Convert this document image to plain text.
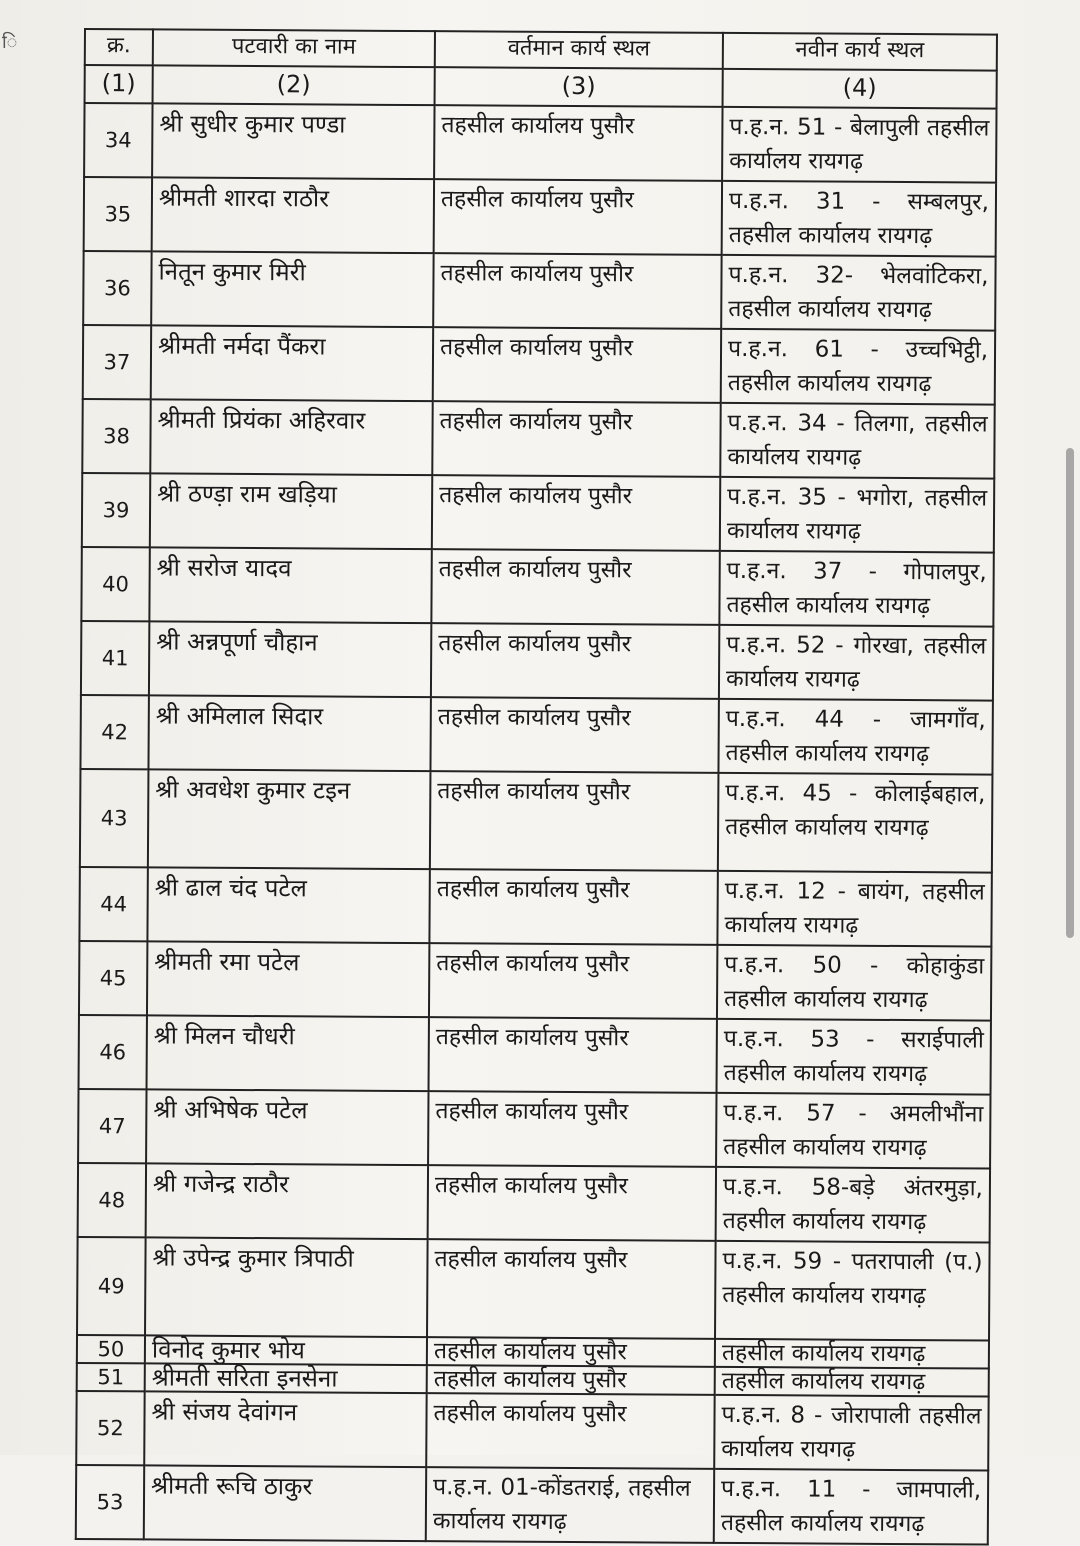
ि	क्र.	पटवारी का नाम	वर्तमान कार्य स्थल	नवीन कार्य स्थल
(1)	(2)	(3)	(4)
34	श्री सुधीर कुमार पण्डा	तहसील कार्यालय पुसौर	प.ह.न. 51 - बेलापुली तहसील कार्यालय रायगढ़
35	श्रीमती शारदा राठौर	तहसील कार्यालय पुसौर	प.ह.न. 31 - सम्बलपुर, तहसील कार्यालय रायगढ़
36	नितून कुमार मिरी	तहसील कार्यालय पुसौर	प.ह.न. 32- भेलवांटिकरा, तहसील कार्यालय रायगढ़
37	श्रीमती नर्मदा पैंकरा	तहसील कार्यालय पुसौर	प.ह.न. 61 - उच्चभिट्ठी, तहसील कार्यालय रायगढ़
38	श्रीमती प्रियंका अहिरवार	तहसील कार्यालय पुसौर	प.ह.न. 34 - तिलगा, तहसील कार्यालय रायगढ़
39	श्री ठण्ड़ा राम खड़िया	तहसील कार्यालय पुसौर	प.ह.न. 35 - भगोरा, तहसील कार्यालय रायगढ़
40	श्री सरोज यादव	तहसील कार्यालय पुसौर	प.ह.न. 37 - गोपालपुर, तहसील कार्यालय रायगढ़
41	श्री अन्नपूर्णा चौहान	तहसील कार्यालय पुसौर	प.ह.न. 52 - गोरखा, तहसील कार्यालय रायगढ़
42	श्री अमिलाल सिदार	तहसील कार्यालय पुसौर	प.ह.न. 44 - जामगाँव, तहसील कार्यालय रायगढ़
43	श्री अवधेश कुमार टइन	तहसील कार्यालय पुसौर	प.ह.न. 45 - कोलाईबहाल, तहसील कार्यालय रायगढ़
44	श्री ढाल चंद पटेल	तहसील कार्यालय पुसौर	प.ह.न. 12 - बायंग, तहसील कार्यालय रायगढ़
45	श्रीमती रमा पटेल	तहसील कार्यालय पुसौर	प.ह.न. 50 - कोहाकुंडा तहसील कार्यालय रायगढ़
46	श्री मिलन चौधरी	तहसील कार्यालय पुसौर	प.ह.न. 53 - सराईपाली तहसील कार्यालय रायगढ़
47	श्री अभिषेक पटेल	तहसील कार्यालय पुसौर	प.ह.न. 57 - अमलीभौंना तहसील कार्यालय रायगढ़
48	श्री गजेन्द्र राठौर	तहसील कार्यालय पुसौर	प.ह.न. 58-बड़े अंतरमुड़ा, तहसील कार्यालय रायगढ़
49	श्री उपेन्द्र कुमार त्रिपाठी	तहसील कार्यालय पुसौर	प.ह.न. 59 - पतरापाली (प.) तहसील कार्यालय रायगढ़
50	विनोद कुमार भोय	तहसील कार्यालय पुसौर	तहसील कार्यालय रायगढ़
51	श्रीमती सरिता इनसेना	तहसील कार्यालय पुसौर	तहसील कार्यालय रायगढ़
52	श्री संजय देवांगन	तहसील कार्यालय पुसौर	प.ह.न. 8 - जोरापाली तहसील कार्यालय रायगढ़
53	श्रीमती रूचि ठाकुर	प.ह.न. 01-कोंडतराई, तहसील कार्यालय रायगढ़	प.ह.न. 11 - जामपाली, तहसील कार्यालय रायगढ़
